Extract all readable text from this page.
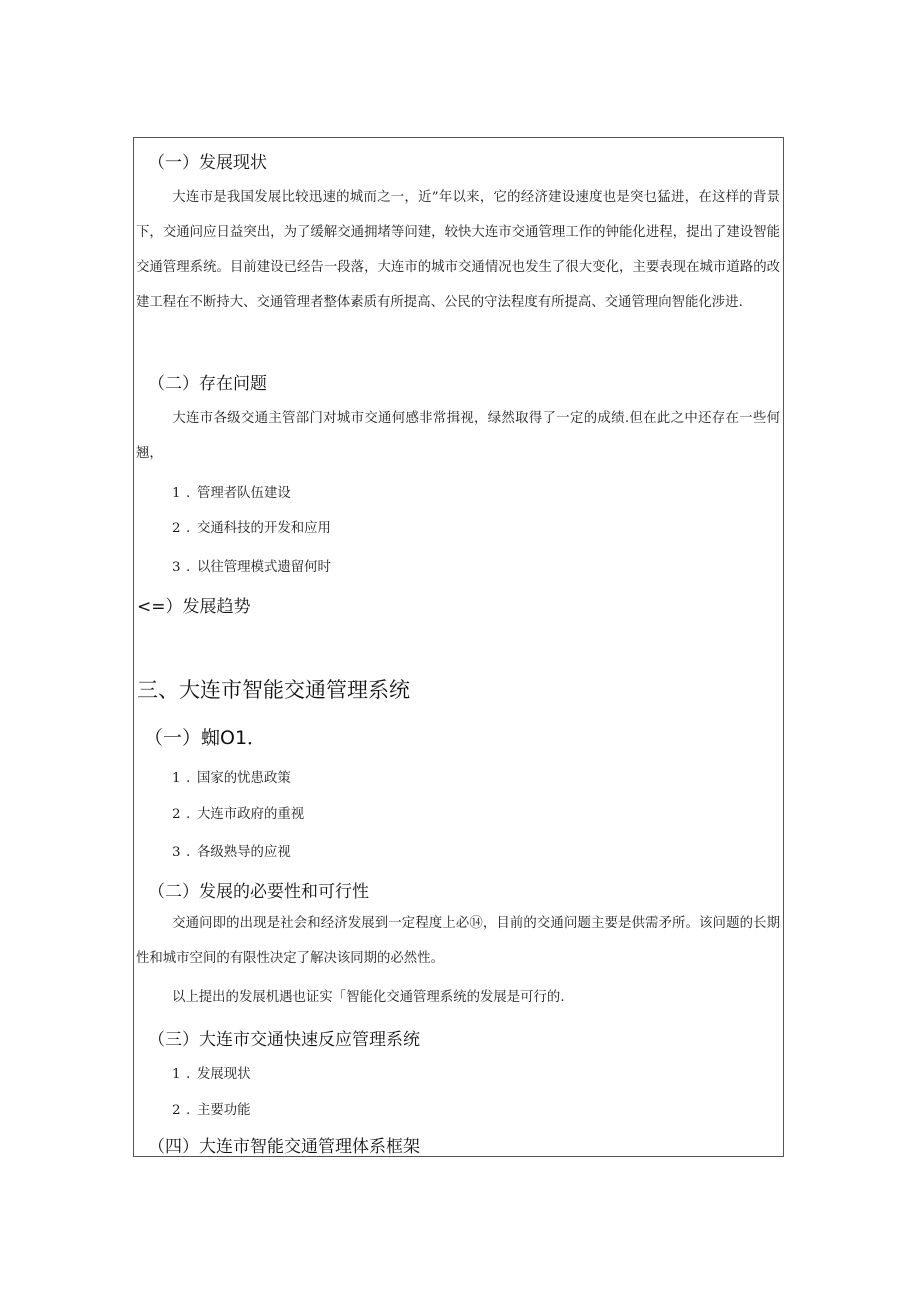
（一）发展现状

大连市是我国发展比较迅速的城而之一，近”年以来，它的经济建设速度也是突乜猛进，在这样的背景下，交通问应日益突出，为了缓解交通拥堵等问建，较快大连市交通管理工作的钟能化进程，提出了建设智能交通管理系统。目前建设已经告一段落，大连市的城市交通情况也发生了很大变化，主要表现在城市道路的改建工程在不断持大、交通管理者整体素质有所提高、公民的守法程度有所提高、交通管理向智能化涉进.

（二）存在问题

大连市各级交通主管部门对城市交通何感非常揖视，绿然取得了一定的成绩.但在此之中还存在一些何翘，

1 . 管理者队伍建设
2 . 交通科技的开发和应用
3 . 以往管理模式遗留何时
<=）发展趋势
三、大连市智能交通管理系统
（一）蜘O1．
1 . 国家的忧患政策
2 . 大连市政府的重视
3 . 各级熟导的应视
（二）发展的必要性和可行性

交通问即的出现是社会和经济发展到一定程度上必⑭，目前的交通问题主要是供需矛所。该问题的长期性和城市空间的有限性决定了解决该同期的必然性。

以上提出的发展机遇也证实「智能化交通管理系统的发展是可行的.

（三）大连市交通快速反应管理系统
1 . 发展现状
2 . 主要功能
（四）大连市智能交通管理体系框架
